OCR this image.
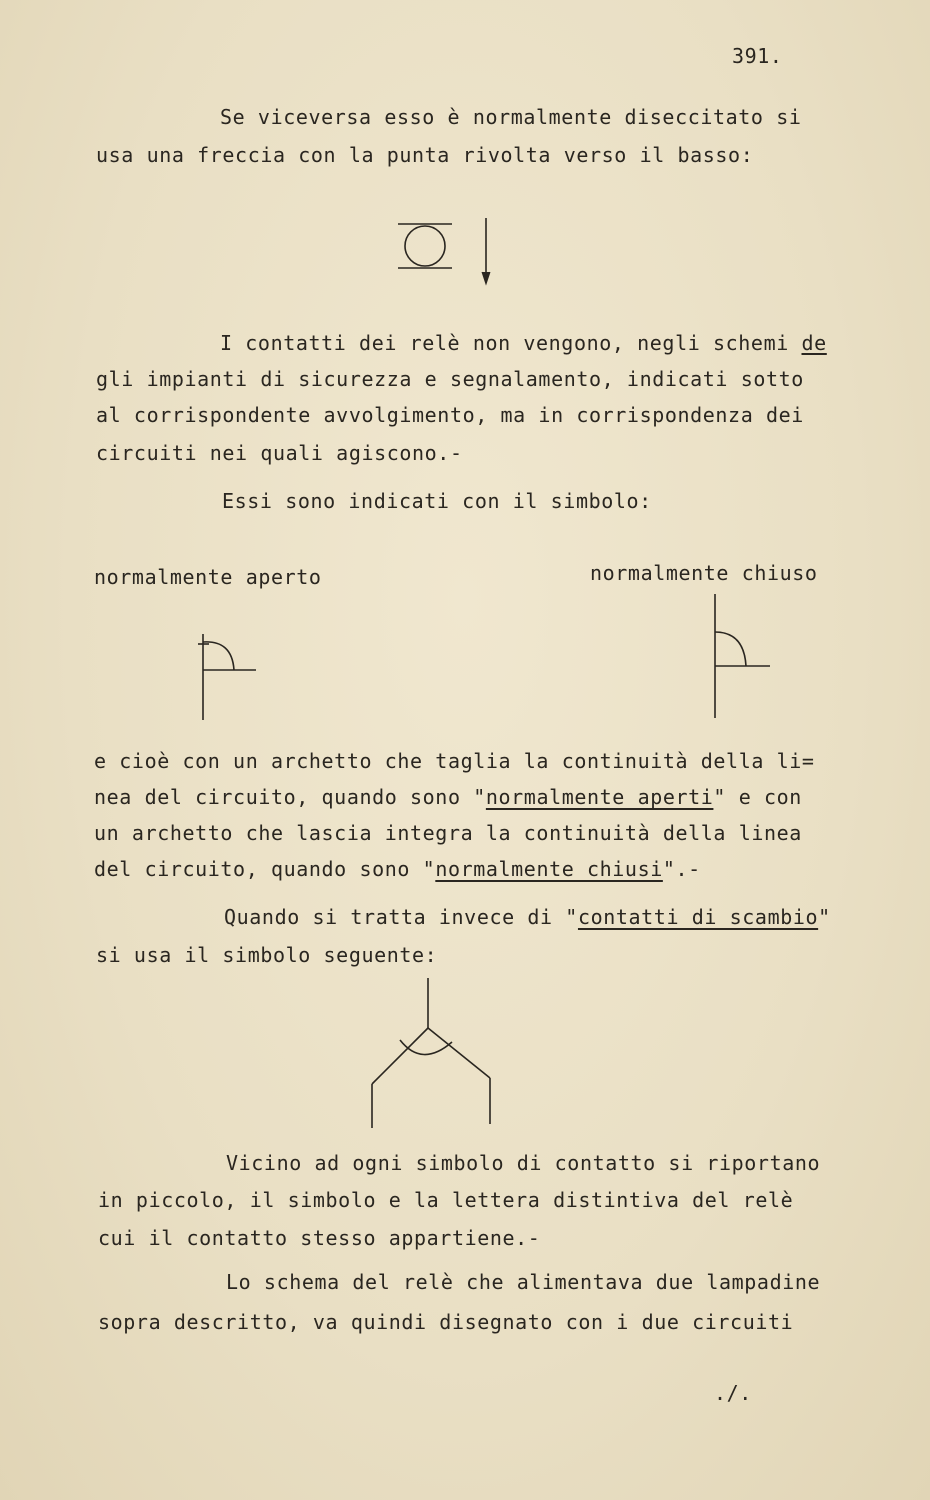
391.
Se viceversa esso è normalmente diseccitato si
usa una freccia con la punta rivolta verso il basso:
I contatti dei relè non vengono, negli schemi de
gli impianti di sicurezza e segnalamento, indicati sotto
al corrispondente avvolgimento, ma in corrispondenza dei
circuiti nei quali agiscono.-
Essi sono indicati con il simbolo:
normalmente aperto	normalmente chiuso
e cioè con un archetto che taglia la continuità della li=
nea del circuito, quando sono "normalmente aperti" e con
un archetto che lascia integra la continuità della linea
del circuito, quando sono "normalmente chiusi".-
Quando si tratta invece di "contatti di scambio"
si usa il simbolo seguente:
Vicino ad ogni simbolo di contatto si riportano
in piccolo, il simbolo e la lettera distintiva del relè
cui il contatto stesso appartiene.-
Lo schema del relè che alimentava due lampadine
sopra descritto, va quindi disegnato con i due circuiti
./.
